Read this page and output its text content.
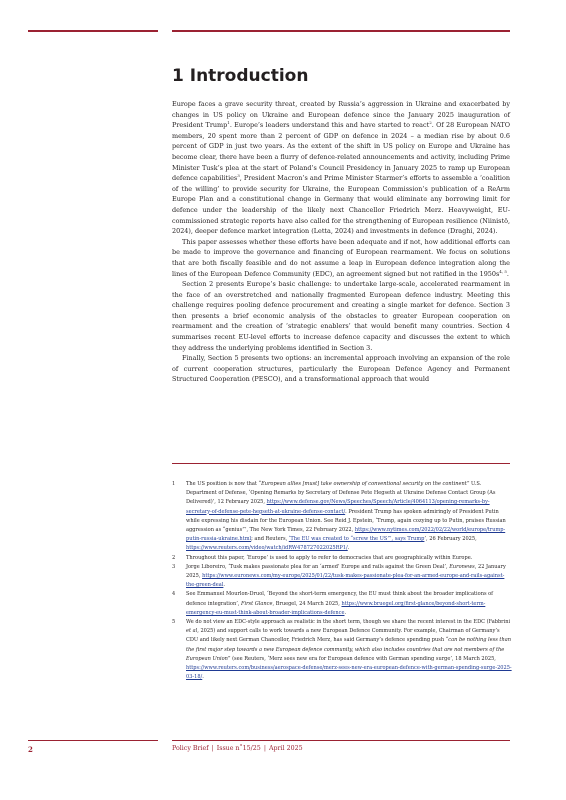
1 Introduction

Europe faces a grave security threat, created by Russia’s aggression in Ukraine and exacerbated by changes in US policy on Ukraine and European defence since the January 2025 inauguration of President Trump$^1$. Europe’s leaders understand this and have started to react$^2$. Of 28 European NATO members, 20 spent more than 2 percent of GDP on defence in 2024 – a median rise by about 0.6 percent of GDP in just two years. As the extent of the shift in US policy on Europe and Ukraine has become clear, there have been a flurry of defence-related announcements and activity, including Prime Minister Tusk’s plea at the start of Poland’s Council Presidency in January 2025 to ramp up European defence capabilities$^3$, President Macron’s and Prime Minister Starmer’s efforts to assemble a ‘coalition of the willing’ to provide security for Ukraine, the European Commission’s publication of a ReArm Europe Plan and a constitutional change in Germany that would eliminate any borrowing limit for defence under the leadership of the likely next Chancellor Friedrich Merz. Heavyweight, EU-commissioned strategic reports have also called for the strengthening of European resilience (Niinistö, 2024), deeper defence market integration (Letta, 2024) and investments in defence (Draghi, 2024).

This paper assesses whether these efforts have been adequate and if not, how additional efforts can be made to improve the governance and financing of European rearmament. We focus on solutions that are both fiscally feasible and do not assume a leap in European defence integration along the lines of the European Defence Community (EDC), an agreement signed but not ratified in the $1950s^{4, 5}$.

Section 2 presents Europe’s basic challenge: to undertake large-scale, accelerated rearmament in the face of an overstretched and nationally fragmented European defence industry. Meeting this challenge requires pooling defence procurement and creating a single market for defence. Section 3 then presents a brief economic analysis of the obstacles to greater European cooperation on rearmament and the creation of ‘strategic enablers’ that would benefit many countries. Section 4 summarises recent EU-level efforts to increase defence capacity and discusses the extent to which they address the underlying problems identified in Section 3.

Finally, Section 5 presents two options: an incremental approach involving an expansion of the role of current cooperation structures, particularly the European Defence Agency and Permanent Structured Cooperation (PESCO), and a transformational approach that would

1 The US position is now that “European allies [must] take ownership of conventional security on the continent” U.S. Department of Defense, ‘Opening Remarks by Secretary of Defense Pete Hegseth at Ukraine Defense Contact Group (As Delivered)’, 12 February 2025, https://www.defense.gov/News/Speeches/Speech/Article/4064113/opening-remarks-by-secretary-of-defense-pete-hegseth-at-ukraine-defense-contact/. President Trump has spoken admiringly of President Putin while expressing his disdain for the European Union. See Reid J. Epstein, ‘Trump, again cozying up to Putin, praises Russian aggression as “genius”’, The New York Times, 22 February 2022, https://www.nytimes.com/2022/02/22/world/europe/trump-putin-russia-ukraine.html; and Reuters, ‘The EU was created to “screw the US”’, says Trump’, 26 February 2025, https://www.reuters.com/video/watch/idRW478727022025RP1/.
2 Throughout this paper, ‘Europe’ is used to apply to refer to democracies that are geographically within Europe.
3 Jorge Liboreiro, ‘Tusk makes passionate plea for an ‘armed’ Europe and rails against the Green Deal’, Euronews, 22 January 2025, https://www.euronews.com/my-europe/2025/01/22/tusk-makes-passionate-plea-for-an-armed-europe-and-rails-against-the-green-deal.
4 See Emmanuel Mourlon-Druol, ‘Beyond the short-term emergency, the EU must think about the broader implications of defence integration’, First Glance, Bruegel, 24 March 2025, https://www.bruegel.org/first-glance/beyond-short-term-emergency-eu-must-think-about-broader-implications-defence.
5 We do not view an EDC-style approach as realistic in the short term, though we share the recent interest in the EDC (Fabbrini et al, 2025) and support calls to work towards a new European Defence Community. For example, Chairman of Germany’s CDU and likely next German Chancellor, Friedrich Merz, has said Germany’s defence spending push “can be nothing less than the first major step towards a new European defence community, which also includes countries that are not members of the European Union” (see Reuters, ‘Merz sees new era for European defence with German spending surge’, 18 March 2025, https://www.reuters.com/business/aerospace-defense/merz-sees-new-era-european-defence-with-german-spending-surge-2025-03-18/.
2	Policy Brief | Issue n˚15/25 | April 2025
